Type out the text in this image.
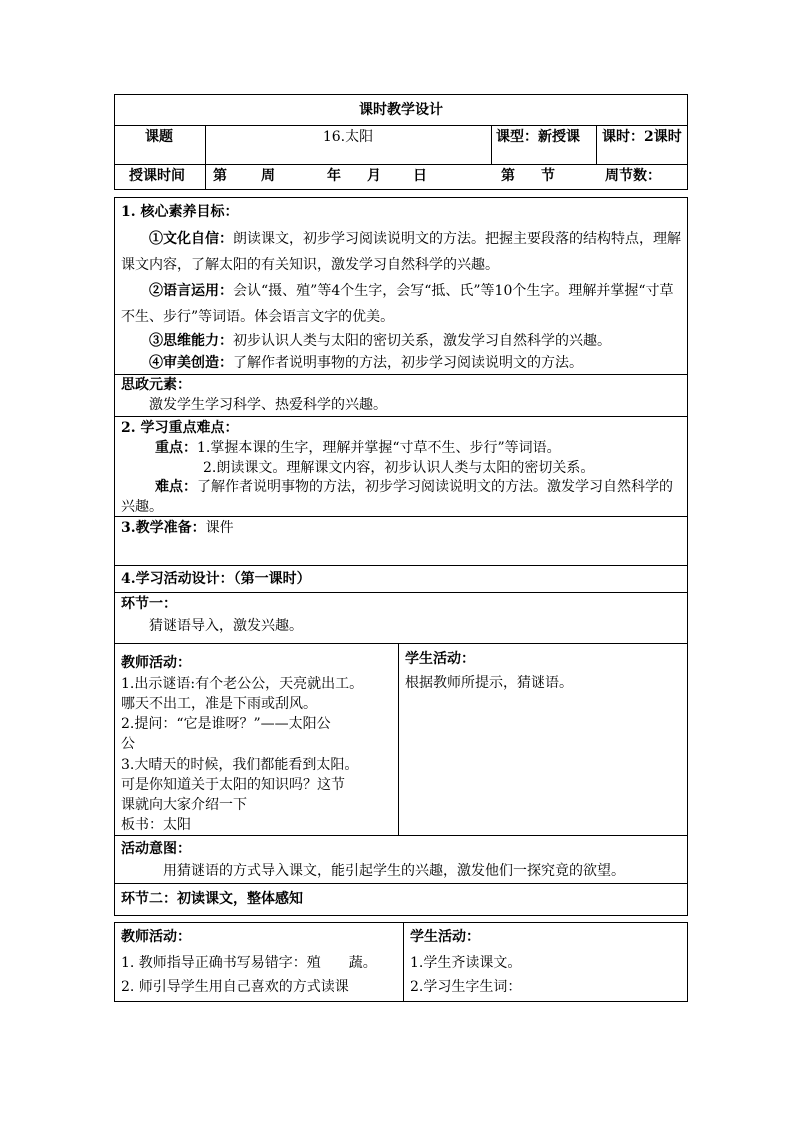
课时教学设计
课题	16.太阳	课型：新授课 课时：2课时
授课时间 第 周	年 月 日	第 节	周节数：
1. 核心素养目标：
①文化自信：朗读课文，初步学习阅读说明文的方法。把握主要段落的结构特点，理解课文内容，了解太阳的有关知识，激发学习自然科学的兴趣。
②语言运用：会认“摄、殖”等4个生字，会写“抵、氏”等10个生字。理解并掌握“寸草不生、步行”等词语。体会语言文字的优美。
③思维能力：初步认识人类与太阳的密切关系，激发学习自然科学的兴趣。
④审美创造：了解作者说明事物的方法，初步学习阅读说明文的方法。
思政元素：
激发学生学习科学、热爱科学的兴趣。
2. 学习重点难点：
重点：1.掌握本课的生字，理解并掌握“寸草不生、步行”等词语。
2.朗读课文。理解课文内容，初步认识人类与太阳的密切关系。
难点：了解作者说明事物的方法，初步学习阅读说明文的方法。激发学习自然科学的兴趣。
3.教学准备：课件
4.学习活动设计：（第一课时）
环节一：
猜谜语导入，激发兴趣。
教师活动：
1.出示谜语:有个老公公，天亮就出工。
哪天不出工，准是下雨或刮风。
2.提问：“它是谁呀？”——太阳公
公
3.大晴天的时候，我们都能看到太阳。
可是你知道关于太阳的知识吗？这节
课就向大家介绍一下
板书：太阳
学生活动：
根据教师所提示，猜谜语。
活动意图：
用猜谜语的方式导入课文，能引起学生的兴趣，激发他们一探究竟的欲望。
环节二：初读课文，整体感知
教师活动：
1. 教师指导正确书写易错字：殖　　蔬。
2. 师引导学生用自己喜欢的方式读课
学生活动：
1.学生齐读课文。
2.学习生字生词：
